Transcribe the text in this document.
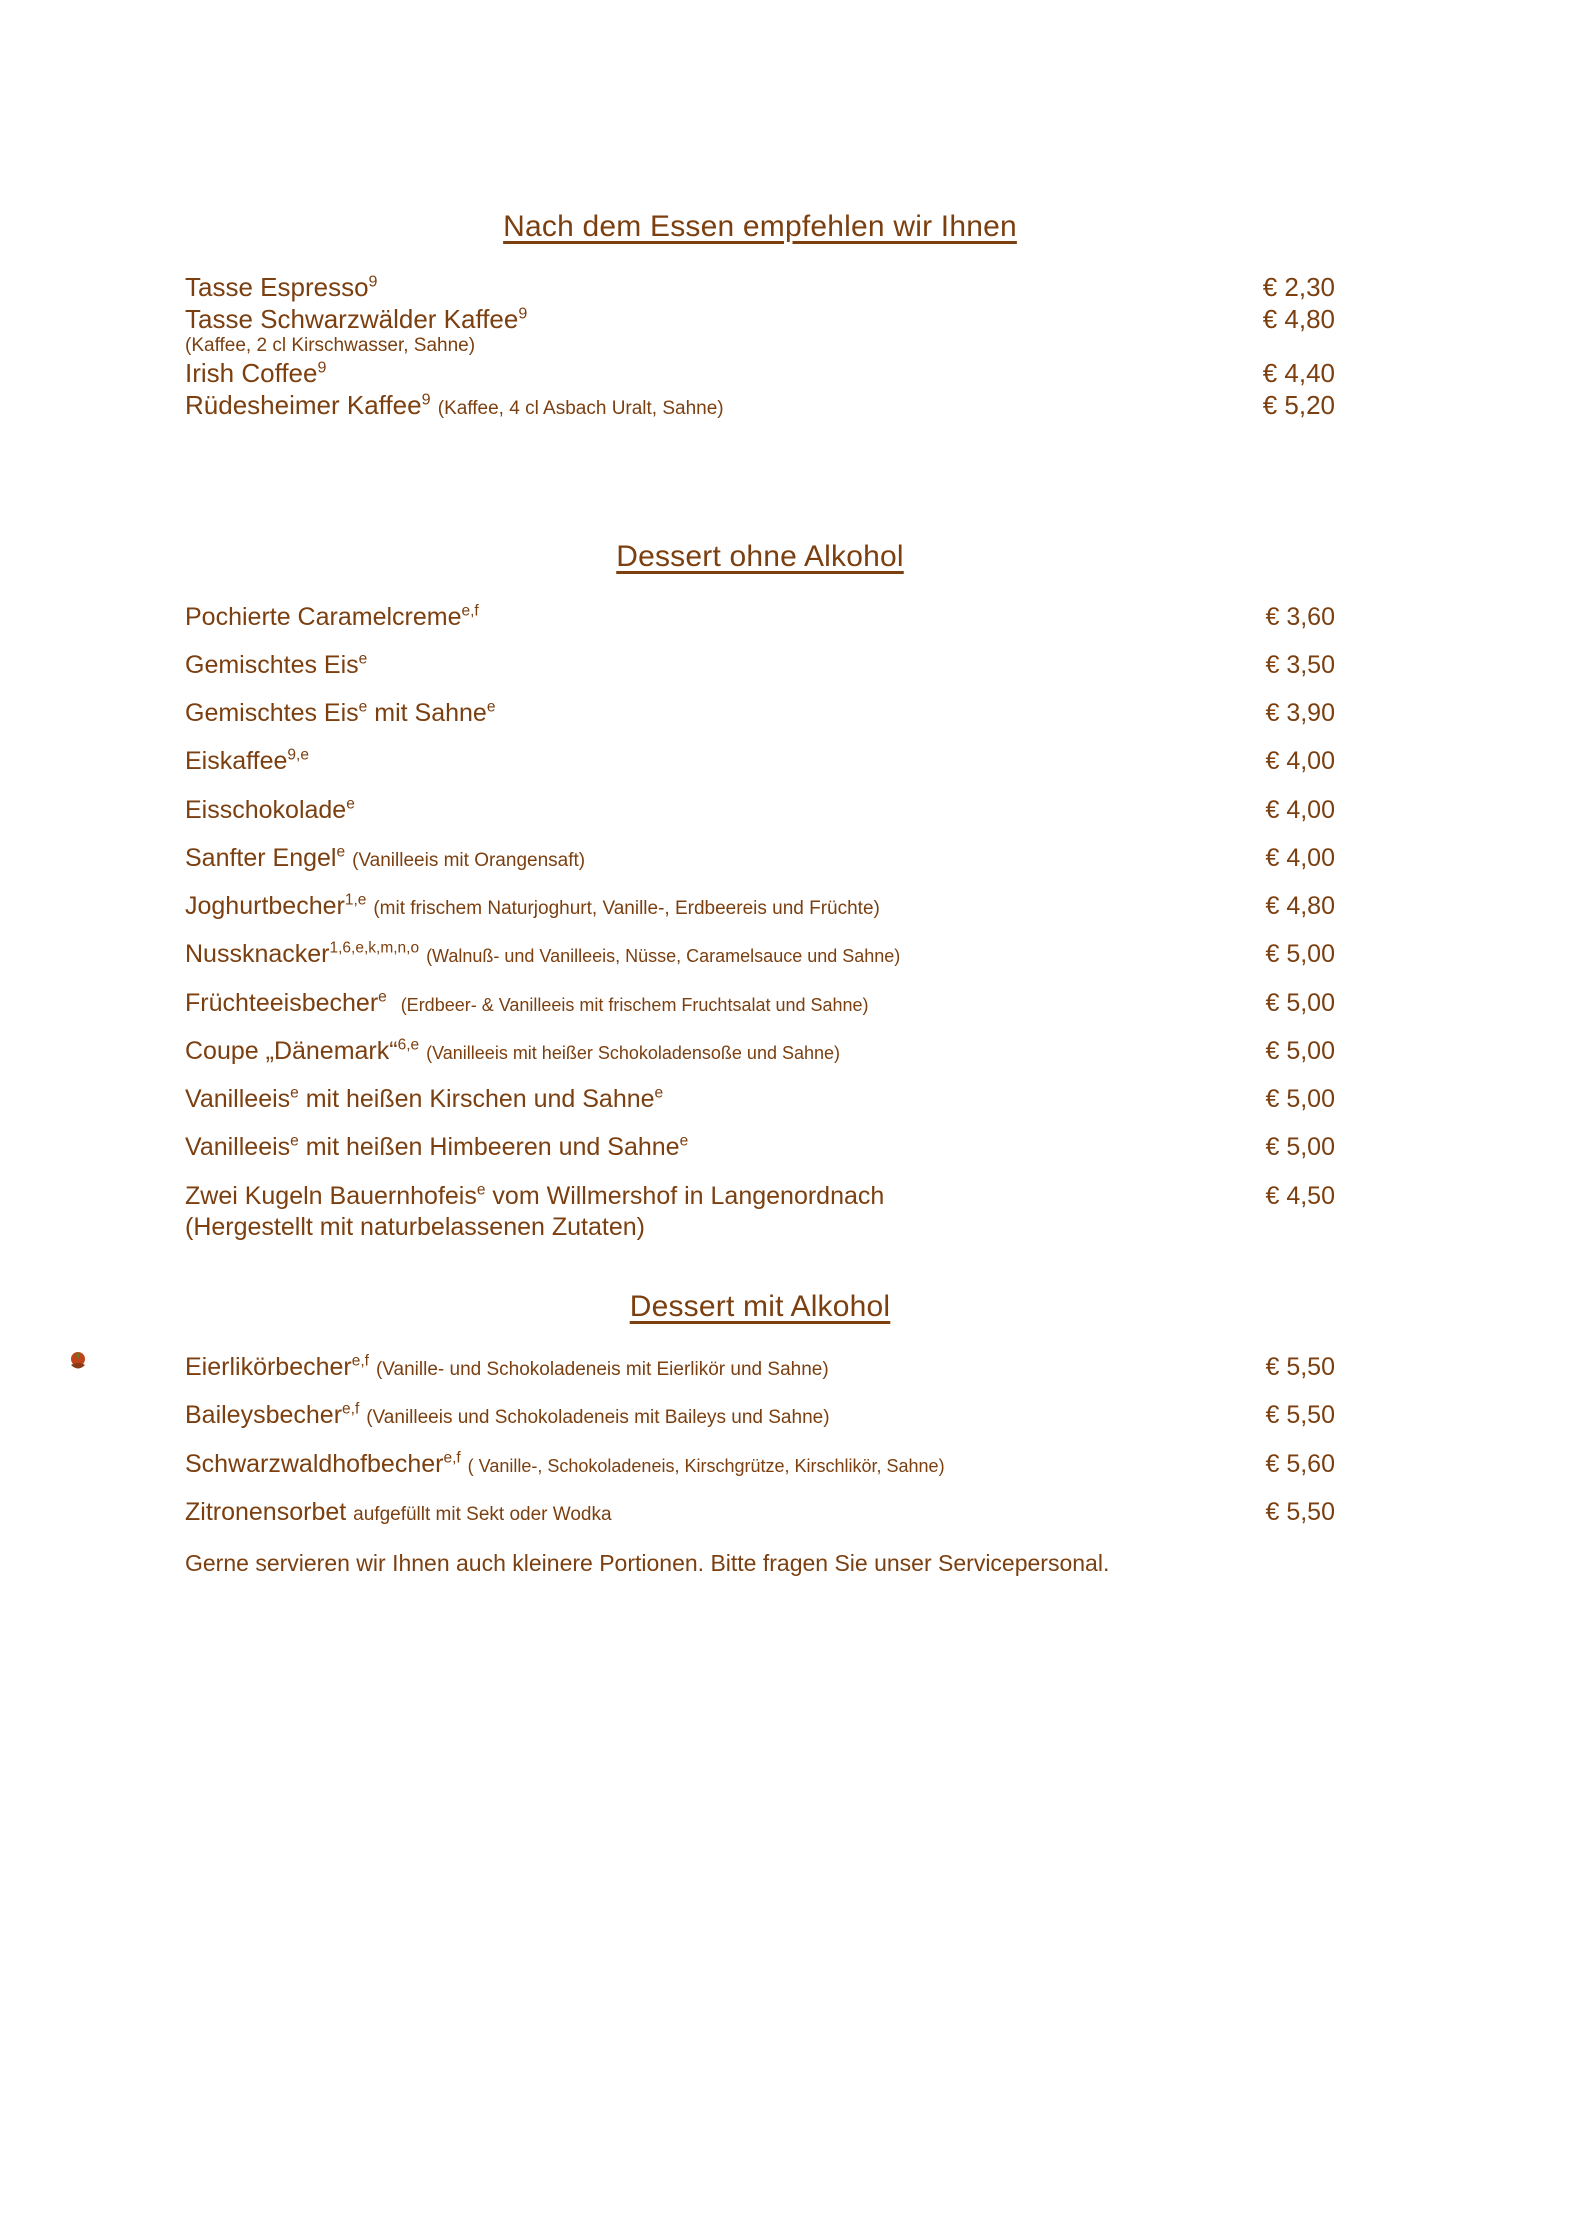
Nach dem Essen empfehlen wir Ihnen
Tasse Espresso$^9$	€ 2,30
Tasse Schwarzwälder Kaffee$^9$	€ 4,80
(Kaffee, 2 cl Kirschwasser, Sahne)
Irish Coffee$^9$	€ 4,40
Rüdesheimer Kaffee$^9$ (Kaffee, 4 cl Asbach Uralt, Sahne)	€ 5,20
Dessert ohne Alkohol
Pochierte Caramelcreme$^{e,f}$	€ 3,60
Gemischtes Eis$^e$	€ 3,50
Gemischtes Eis$^e$ mit Sahne$^e$	€ 3,90
Eiskaffee$^{9,e}$	€ 4,00
Eisschokolade$^e$	€ 4,00
Sanfter Engel$^e$ (Vanilleeis mit Orangensaft)	€ 4,00
Joghurtbecher$^{1,e}$ (mit frischem Naturjoghurt, Vanille-, Erdbeereis und Früchte)	€ 4,80
Nussknacker$^{1,6,e,k,m,n,o}$ (Walnuß- und Vanilleeis, Nüsse, Caramelsauce und Sahne)	€ 5,00
Früchteeisbecher$^e$ (Erdbeer- & Vanilleeis mit frischem Fruchtsalat und Sahne)	€ 5,00
Coupe „Dänemark“$^{6,e}$ (Vanilleeis mit heißer Schokoladensoße und Sahne)	€ 5,00
Vanilleeis$^e$ mit heißen Kirschen und Sahne$^e$	€ 5,00
Vanilleeis$^e$ mit heißen Himbeeren und Sahne$^e$	€ 5,00
Zwei Kugeln Bauernhofeis$^e$ vom Willmershof in Langenordnach
(Hergestellt mit naturbelassenen Zutaten)
€ 4,50
Dessert mit Alkohol
Eierlikörbecher$^{e,f}$ (Vanille- und Schokoladeneis mit Eierlikör und Sahne)	€ 5,50
Baileysbecher$^{e,f}$ (Vanilleeis und Schokoladeneis mit Baileys und Sahne)	€ 5,50
Schwarzwaldhofbecher$^{e,f}$ ( Vanille-, Schokoladeneis, Kirschgrütze, Kirschlikör, Sahne)	€ 5,60
Zitronensorbet aufgefüllt mit Sekt oder Wodka	€ 5,50
Gerne servieren wir Ihnen auch kleinere Portionen. Bitte fragen Sie unser Servicepersonal.
